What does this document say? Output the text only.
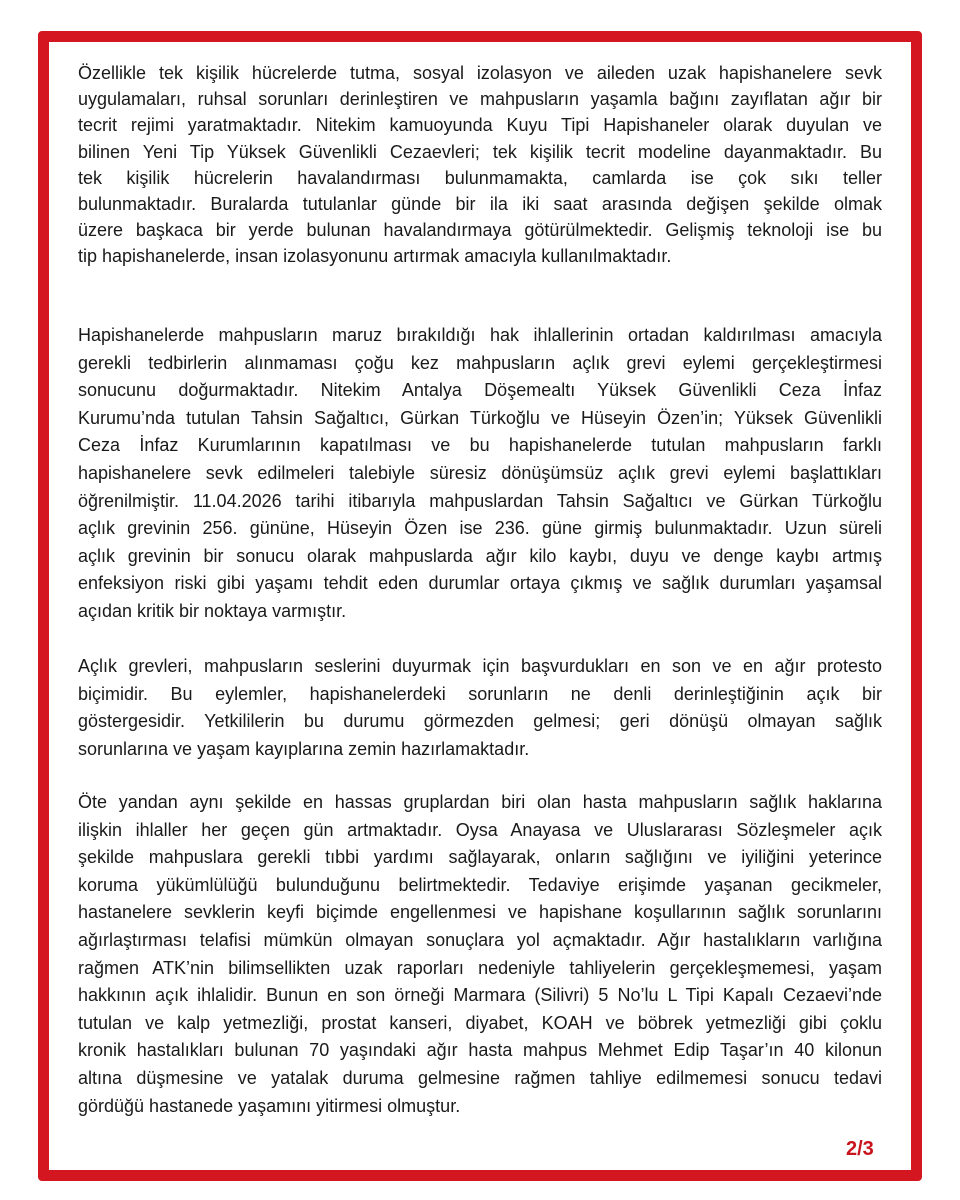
Özellikle tek kişilik hücrelerde tutma, sosyal izolasyon ve aileden uzak hapishanelere sevk
uygulamaları, ruhsal sorunları derinleştiren ve mahpusların yaşamla bağını zayıflatan ağır bir
tecrit rejimi yaratmaktadır. Nitekim kamuoyunda Kuyu Tipi Hapishaneler olarak duyulan ve
bilinen Yeni Tip Yüksek Güvenlikli Cezaevleri; tek kişilik tecrit modeline dayanmaktadır. Bu
tek kişilik hücrelerin havalandırması bulunmamakta, camlarda ise çok sıkı teller
bulunmaktadır. Buralarda tutulanlar günde bir ila iki saat arasında değişen şekilde olmak
üzere başkaca bir yerde bulunan havalandırmaya götürülmektedir. Gelişmiş teknoloji ise bu
tip hapishanelerde, insan izolasyonunu artırmak amacıyla kullanılmaktadır.
Hapishanelerde mahpusların maruz bırakıldığı hak ihlallerinin ortadan kaldırılması amacıyla
gerekli tedbirlerin alınmaması çoğu kez mahpusların açlık grevi eylemi gerçekleştirmesi
sonucunu doğurmaktadır. Nitekim Antalya Döşemealtı Yüksek Güvenlikli Ceza İnfaz
Kurumu’nda tutulan Tahsin Sağaltıcı, Gürkan Türkoğlu ve Hüseyin Özen’in; Yüksek Güvenlikli
Ceza İnfaz Kurumlarının kapatılması ve bu hapishanelerde tutulan mahpusların farklı
hapishanelere sevk edilmeleri talebiyle süresiz dönüşümsüz açlık grevi eylemi başlattıkları
öğrenilmiştir. 11.04.2026 tarihi itibarıyla mahpuslardan Tahsin Sağaltıcı ve Gürkan Türkoğlu
açlık grevinin 256. gününe, Hüseyin Özen ise 236. güne girmiş bulunmaktadır. Uzun süreli
açlık grevinin bir sonucu olarak mahpuslarda ağır kilo kaybı, duyu ve denge kaybı artmış
enfeksiyon riski gibi yaşamı tehdit eden durumlar ortaya çıkmış ve sağlık durumları yaşamsal
açıdan kritik bir noktaya varmıştır.
Açlık grevleri, mahpusların seslerini duyurmak için başvurdukları en son ve en ağır protesto
biçimidir. Bu eylemler, hapishanelerdeki sorunların ne denli derinleştiğinin açık bir
göstergesidir. Yetkililerin bu durumu görmezden gelmesi; geri dönüşü olmayan sağlık
sorunlarına ve yaşam kayıplarına zemin hazırlamaktadır.
Öte yandan aynı şekilde en hassas gruplardan biri olan hasta mahpusların sağlık haklarına
ilişkin ihlaller her geçen gün artmaktadır. Oysa Anayasa ve Uluslararası Sözleşmeler açık
şekilde mahpuslara gerekli tıbbi yardımı sağlayarak, onların sağlığını ve iyiliğini yeterince
koruma yükümlülüğü bulunduğunu belirtmektedir. Tedaviye erişimde yaşanan gecikmeler,
hastanelere sevklerin keyfi biçimde engellenmesi ve hapishane koşullarının sağlık sorunlarını
ağırlaştırması telafisi mümkün olmayan sonuçlara yol açmaktadır. Ağır hastalıkların varlığına
rağmen ATK’nin bilimsellikten uzak raporları nedeniyle tahliyelerin gerçekleşmemesi, yaşam
hakkının açık ihlalidir. Bunun en son örneği Marmara (Silivri) 5 No’lu L Tipi Kapalı Cezaevi’nde
tutulan ve kalp yetmezliği, prostat kanseri, diyabet, KOAH ve böbrek yetmezliği gibi çoklu
kronik hastalıkları bulunan 70 yaşındaki ağır hasta mahpus Mehmet Edip Taşar’ın 40 kilonun
altına düşmesine ve yatalak duruma gelmesine rağmen tahliye edilmemesi sonucu tedavi
gördüğü hastanede yaşamını yitirmesi olmuştur.
2/3
